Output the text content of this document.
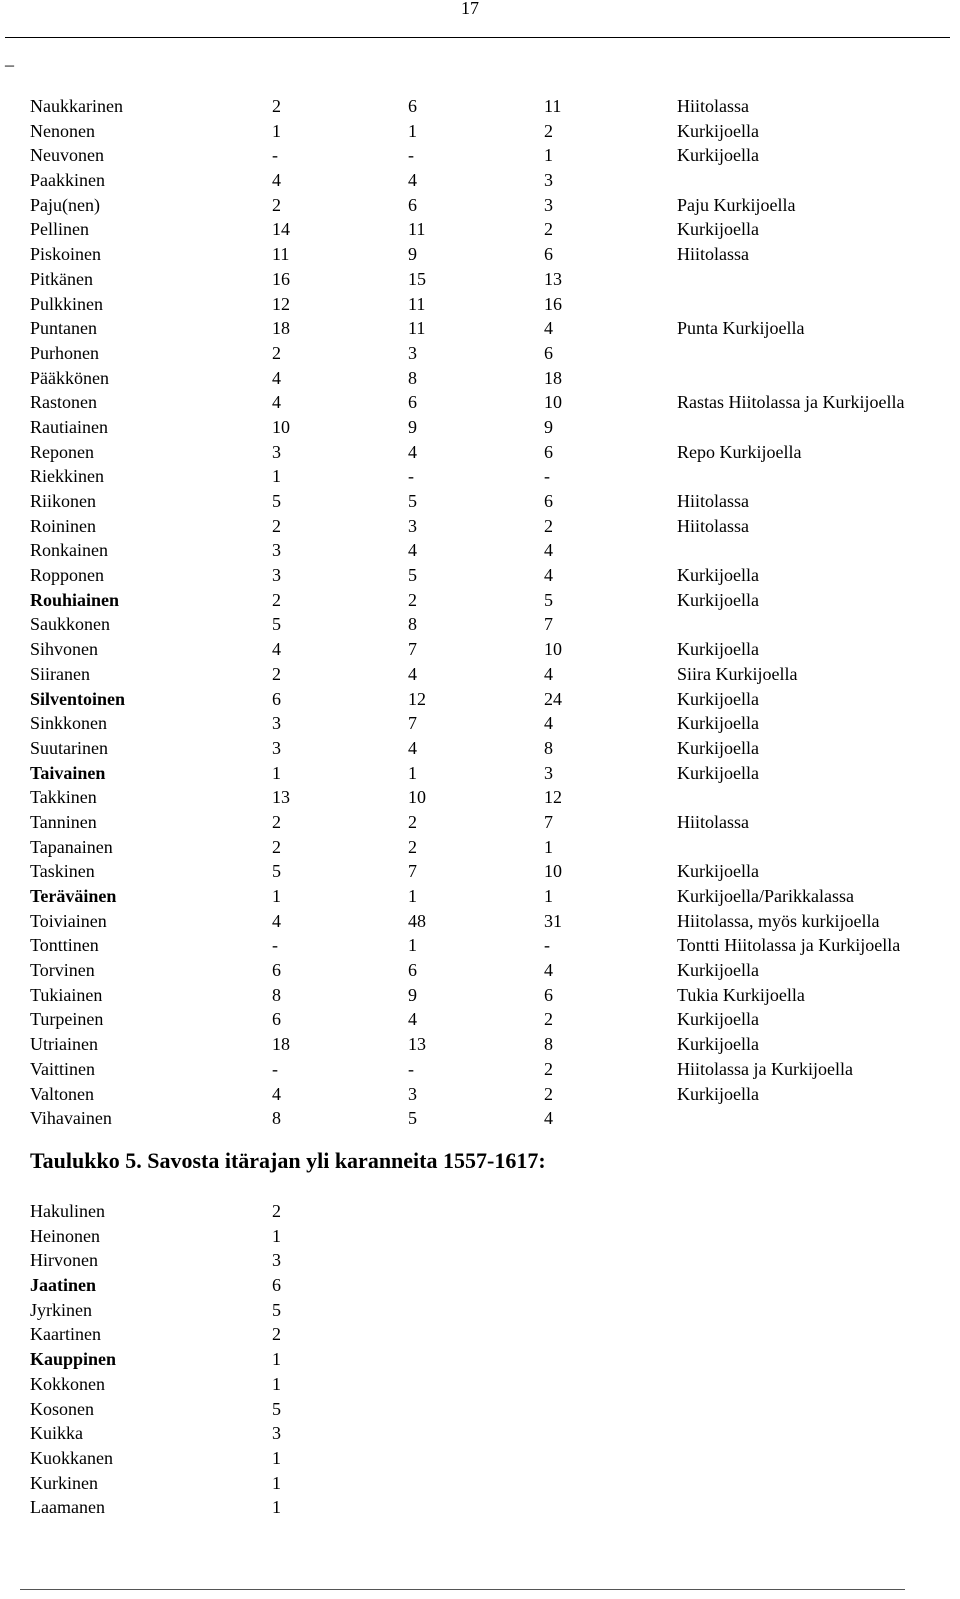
17
_
Naukkarinen	2	6	11	Hiitolassa
Nenonen	1	1	2	Kurkijoella
Neuvonen	-	-	1	Kurkijoella
Paakkinen	4	4	3
Paju(nen)	2	6	3	Paju Kurkijoella
Pellinen	14	11	2	Kurkijoella
Piskoinen	11	9	6	Hiitolassa
Pitkänen	16	15	13
Pulkkinen	12	11	16
Puntanen	18	11	4	Punta Kurkijoella
Purhonen	2	3	6
Pääkkönen	4	8	18
Rastonen	4	6	10	Rastas Hiitolassa ja Kurkijoella
Rautiainen	10	9	9
Reponen	3	4	6	Repo Kurkijoella
Riekkinen	1	-	-
Riikonen	5	5	6	Hiitolassa
Roininen	2	3	2	Hiitolassa
Ronkainen	3	4	4
Ropponen	3	5	4	Kurkijoella
Rouhiainen	2	2	5	Kurkijoella
Saukkonen	5	8	7
Sihvonen	4	7	10	Kurkijoella
Siiranen	2	4	4	Siira Kurkijoella
Silventoinen	6	12	24	Kurkijoella
Sinkkonen	3	7	4	Kurkijoella
Suutarinen	3	4	8	Kurkijoella
Taivainen	1	1	3	Kurkijoella
Takkinen	13	10	12
Tanninen	2	2	7	Hiitolassa
Tapanainen	2	2	1
Taskinen	5	7	10	Kurkijoella
Teräväinen	1	1	1	Kurkijoella/Parikkalassa
Toiviainen	4	48	31	Hiitolassa, myös kurkijoella
Tonttinen	-	1	-	Tontti Hiitolassa ja Kurkijoella
Torvinen	6	6	4	Kurkijoella
Tukiainen	8	9	6	Tukia Kurkijoella
Turpeinen	6	4	2	Kurkijoella
Utriainen	18	13	8	Kurkijoella
Vaittinen	-	-	2	Hiitolassa ja Kurkijoella
Valtonen	4	3	2	Kurkijoella
Vihavainen	8	5	4
Taulukko 5. Savosta itärajan yli karanneita 1557-1617:
Hakulinen	2
Heinonen	1
Hirvonen	3
Jaatinen	6
Jyrkinen	5
Kaartinen	2
Kauppinen	1
Kokkonen	1
Kosonen	5
Kuikka	3
Kuokkanen	1
Kurkinen	1
Laamanen	1
